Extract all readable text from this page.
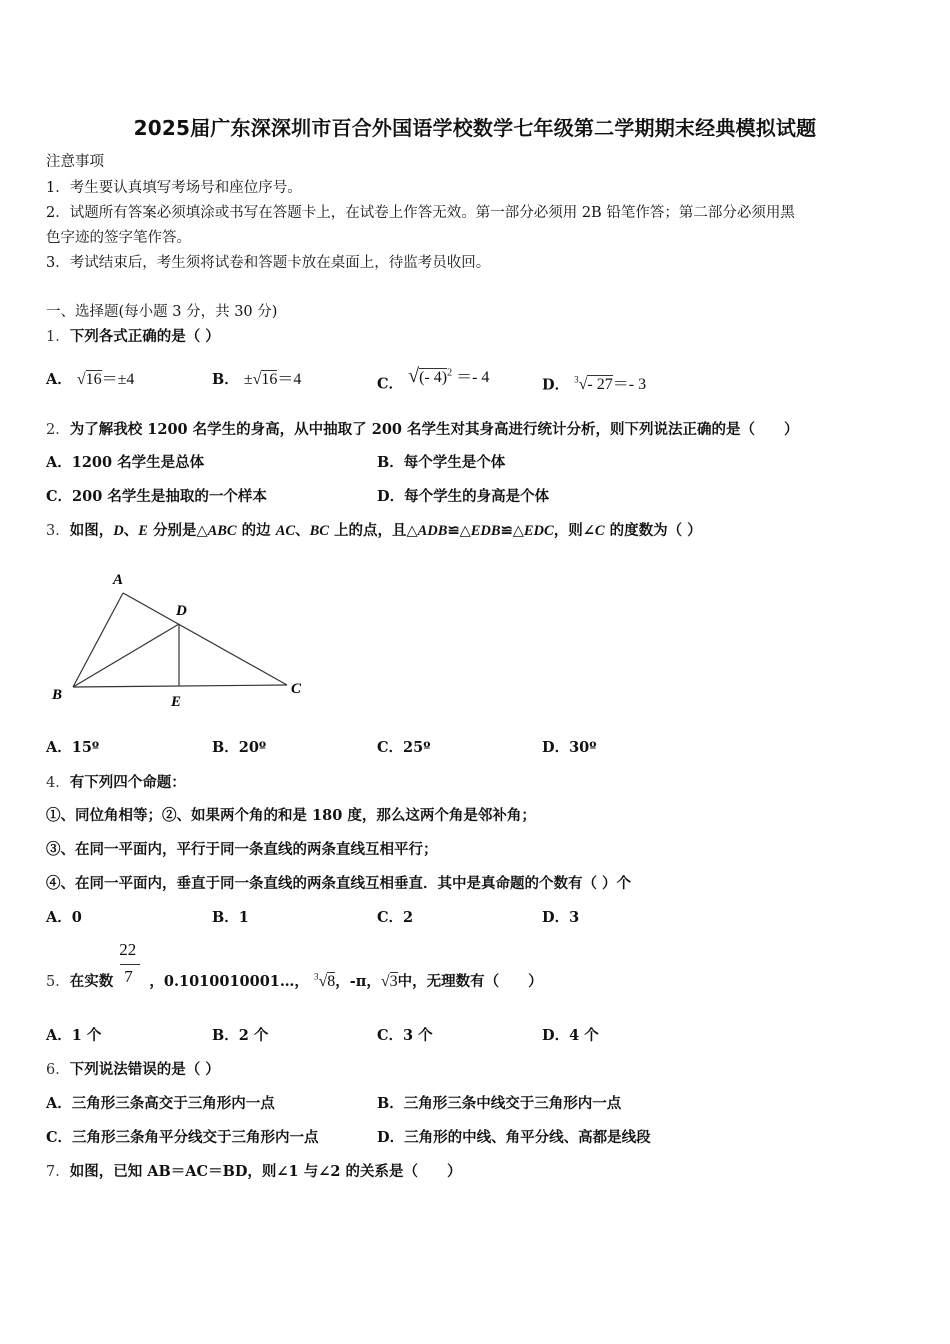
2025届广东深深圳市百合外国语学校数学七年级第二学期期末经典模拟试题
注意事项
1．考生要认真填写考场号和座位序号。
2．试题所有答案必须填涂或书写在答题卡上，在试卷上作答无效。第一部分必须用 2B 铅笔作答；第二部分必须用黑
色字迹的签字笔作答。
3．考试结束后，考生须将试卷和答题卡放在桌面上，待监考员收回。
一、选择题(每小题 3 分，共 30 分)
1．下列各式正确的是（ ）
A． √16＝±4	B． ±√16＝4	C． √(- 4)$^2$ ＝- 4	D． $^3$√- 27＝- 3
2．为了解我校 1200 名学生的身高，从中抽取了 200 名学生对其身高进行统计分析，则下列说法正确的是（　　）
A．1200 名学生是总体	B．每个学生是个体
C．200 名学生是抽取的一个样本	D．每个学生的身高是个体
3．如图，D、E 分别是△ABC 的边 AC、BC 上的点，且△ADB≌△EDB≌△EDC，则∠C 的度数为（ ）
A
B	C
D
E
A．15º	B．20º	C．25º	D．30º
4．有下列四个命题：
①、同位角相等；②、如果两个角的和是 180 度，那么这两个角是邻补角；
③、在同一平面内，平行于同一条直线的两条直线互相平行；
④、在同一平面内，垂直于同一条直线的两条直线互相垂直．其中是真命题的个数有（ ）个
A．0	B．1	C．2	D．3
5．在实数 $\frac{22}{7}$ ，0.1010010001…， $^3$√8，-π，√3中，无理数有（　　）
A．1 个	B．2 个	C．3 个	D．4 个
6．下列说法错误的是（ ）
A．三角形三条高交于三角形内一点	B．三角形三条中线交于三角形内一点
C．三角形三条角平分线交于三角形内一点	D．三角形的中线、角平分线、高都是线段
7．如图，已知 AB＝AC＝BD，则∠1 与∠2 的关系是（　　）
